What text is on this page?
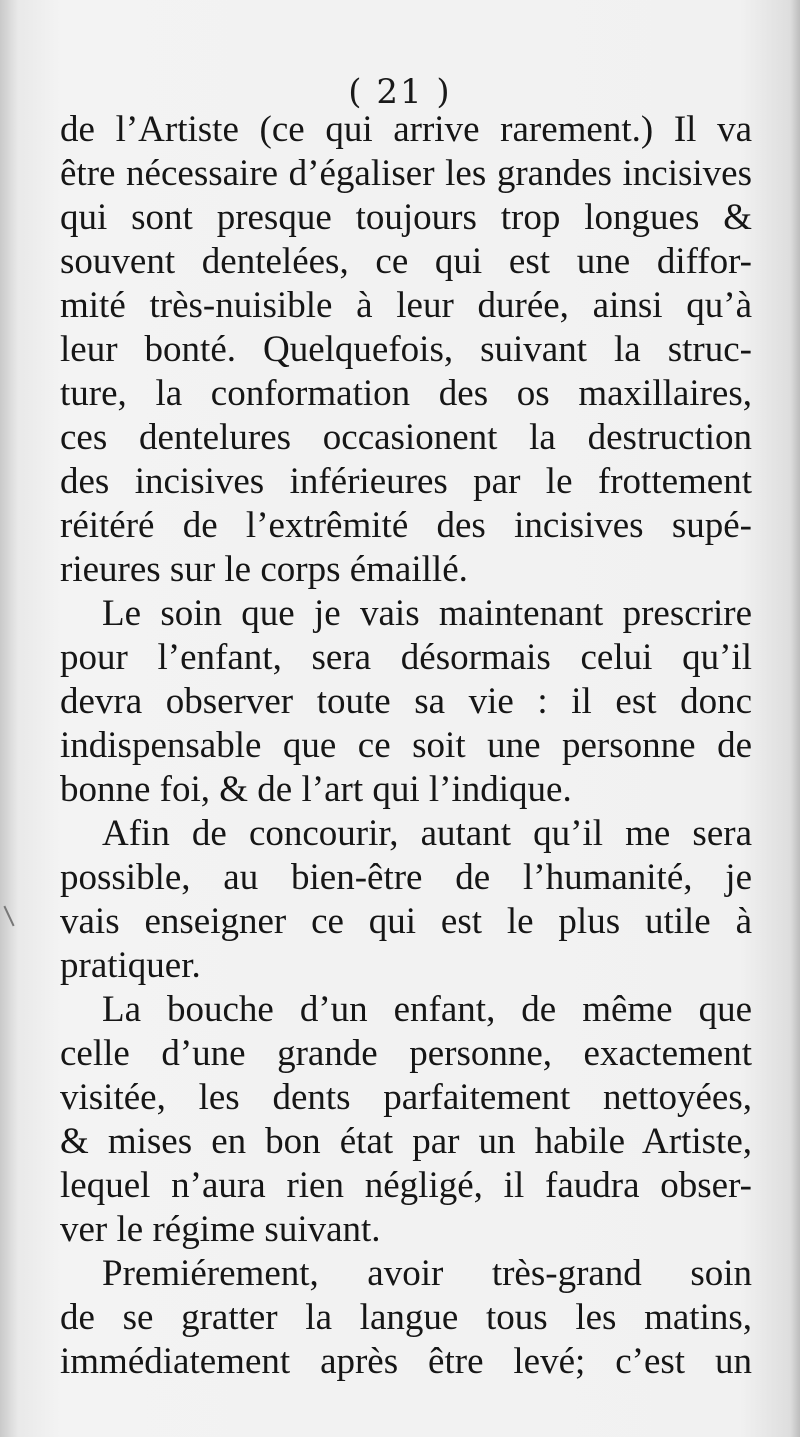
( 21 )
de l’Artiste (ce qui arrive rarement.) Il va
être nécessaire d’égaliser les grandes incisives
qui sont presque toujours trop longues &
souvent dentelées, ce qui est une diffor-
mité très-nuisible à leur durée, ainsi qu’à
leur bonté. Quelquefois, suivant la struc-
ture, la conformation des os maxillaires,
ces dentelures occasionent la destruction
des incisives inférieures par le frottement
réitéré de l’extrêmité des incisives supé-
rieures sur le corps émaillé.
Le soin que je vais maintenant prescrire
pour l’enfant, sera désormais celui qu’il
devra observer toute sa vie : il est donc
indispensable que ce soit une personne de
bonne foi, & de l’art qui l’indique.
Afin de concourir, autant qu’il me sera
possible, au bien-être de l’humanité, je
vais enseigner ce qui est le plus utile à
pratiquer.
La bouche d’un enfant, de même que
celle d’une grande personne, exactement
visitée, les dents parfaitement nettoyées,
& mises en bon état par un habile Artiste,
lequel n’aura rien négligé, il faudra obser-
ver le régime suivant.
Premiérement, avoir très-grand soin
de se gratter la langue tous les matins,
immédiatement après être levé; c’est un
